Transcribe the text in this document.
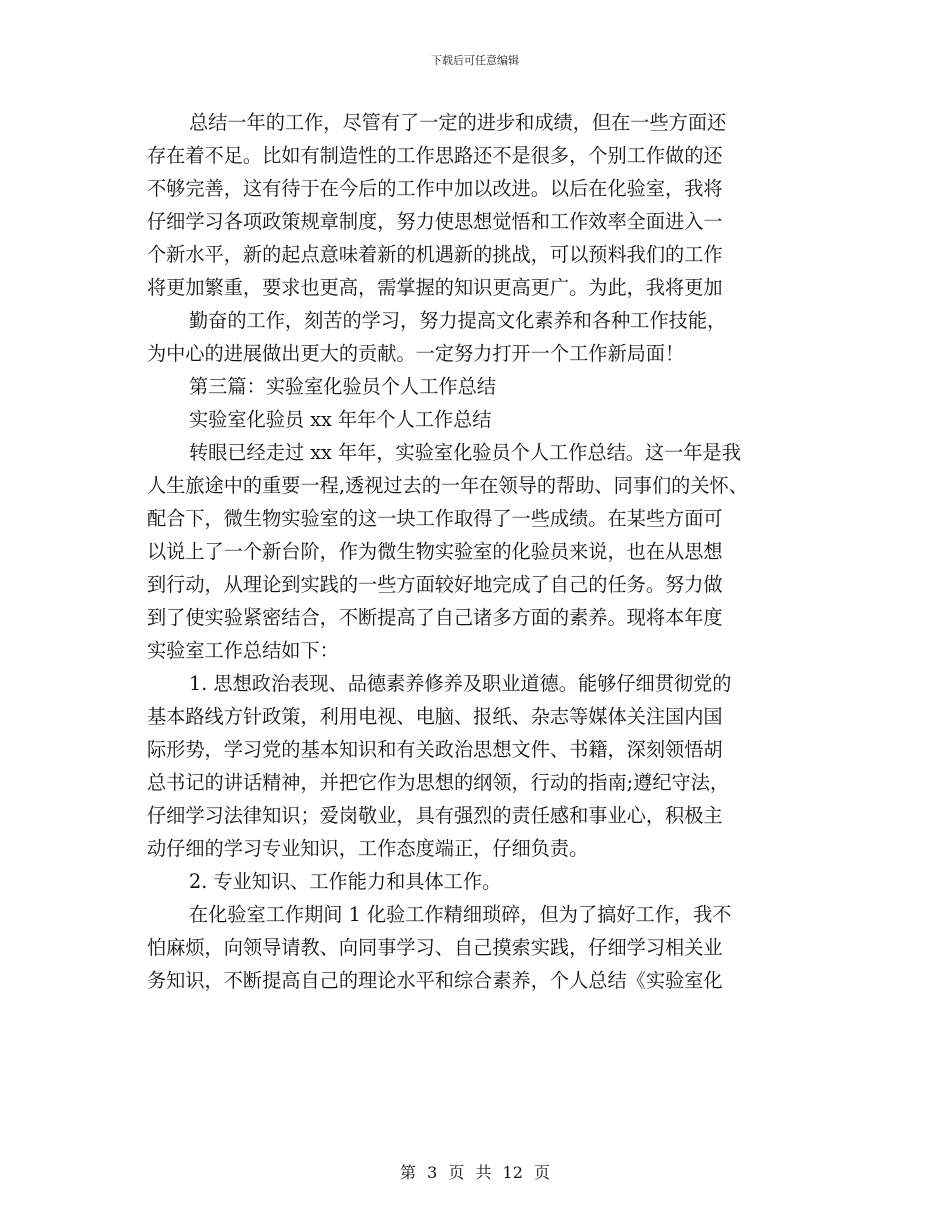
下载后可任意编辑
总结一年的工作，尽管有了一定的进步和成绩，但在一些方面还
存在着不足。比如有制造性的工作思路还不是很多，个别工作做的还
不够完善，这有待于在今后的工作中加以改进。以后在化验室，我将
仔细学习各项政策规章制度，努力使思想觉悟和工作效率全面进入一
个新水平，新的起点意味着新的机遇新的挑战，可以预料我们的工作
将更加繁重，要求也更高，需掌握的知识更高更广。为此，我将更加
勤奋的工作，刻苦的学习，努力提高文化素养和各种工作技能，
为中心的进展做出更大的贡献。一定努力打开一个工作新局面！
第三篇：实验室化验员个人工作总结
实验室化验员 xx 年年个人工作总结
转眼已经走过 xx 年年，实验室化验员个人工作总结。这一年是我
人生旅途中的重要一程,透视过去的一年在领导的帮助、同事们的关怀、
配合下，微生物实验室的这一块工作取得了一些成绩。在某些方面可
以说上了一个新台阶，作为微生物实验室的化验员来说，也在从思想
到行动，从理论到实践的一些方面较好地完成了自己的任务。努力做
到了使实验紧密结合，不断提高了自己诸多方面的素养。现将本年度
实验室工作总结如下：
1. 思想政治表现、品德素养修养及职业道德。能够仔细贯彻党的
基本路线方针政策，利用电视、电脑、报纸、杂志等媒体关注国内国
际形势，学习党的基本知识和有关政治思想文件、书籍，深刻领悟胡
总书记的讲话精神，并把它作为思想的纲领，行动的指南;遵纪守法，
仔细学习法律知识；爱岗敬业，具有强烈的责任感和事业心，积极主
动仔细的学习专业知识，工作态度端正，仔细负责。
2. 专业知识、工作能力和具体工作。
在化验室工作期间 1 化验工作精细琐碎，但为了搞好工作，我不
怕麻烦，向领导请教、向同事学习、自己摸索实践，仔细学习相关业
务知识，不断提高自己的理论水平和综合素养，个人总结《实验室化
第 3 页 共 12 页
